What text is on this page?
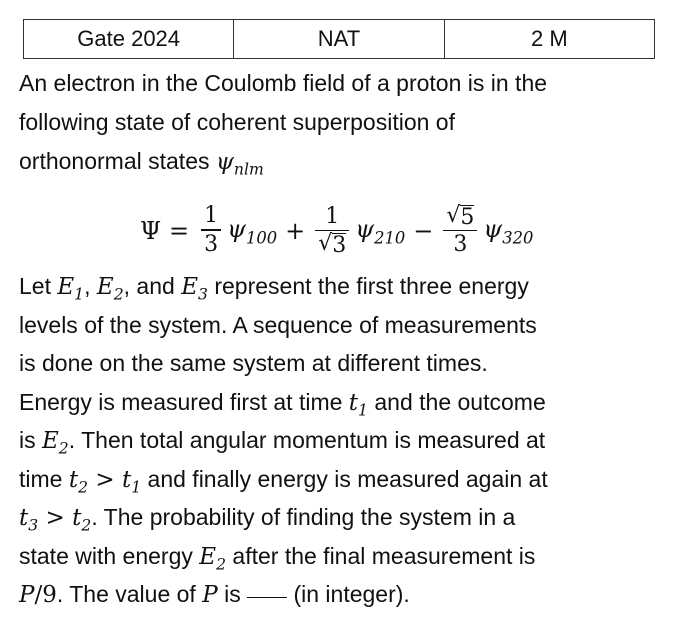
Gate 2024	NAT	2 M
An electron in the Coulomb field of a proton is in the
following state of coherent superposition of
orthonormal states $\psi_{nlm}$
$\Psi = \frac{1}{3} \psi_{100} + \frac{1}{√ 3} \psi_{210} - \frac{√ 5}{3} \psi_{320}$
Let $E_1$, $E_2$, and $E_3$ represent the first three energy
levels of the system. A sequence of measurements
is done on the same system at different times.
Energy is measured first at time $t_1$ and the outcome
is $E_2$. Then total angular momentum is measured at
time $t_2 > t_1$ and finally energy is measured again at
$t_3 > t_2$. The probability of finding the system in a
state with energy $E_2$ after the final measurement is
P/9. The value of P is  (in integer).
